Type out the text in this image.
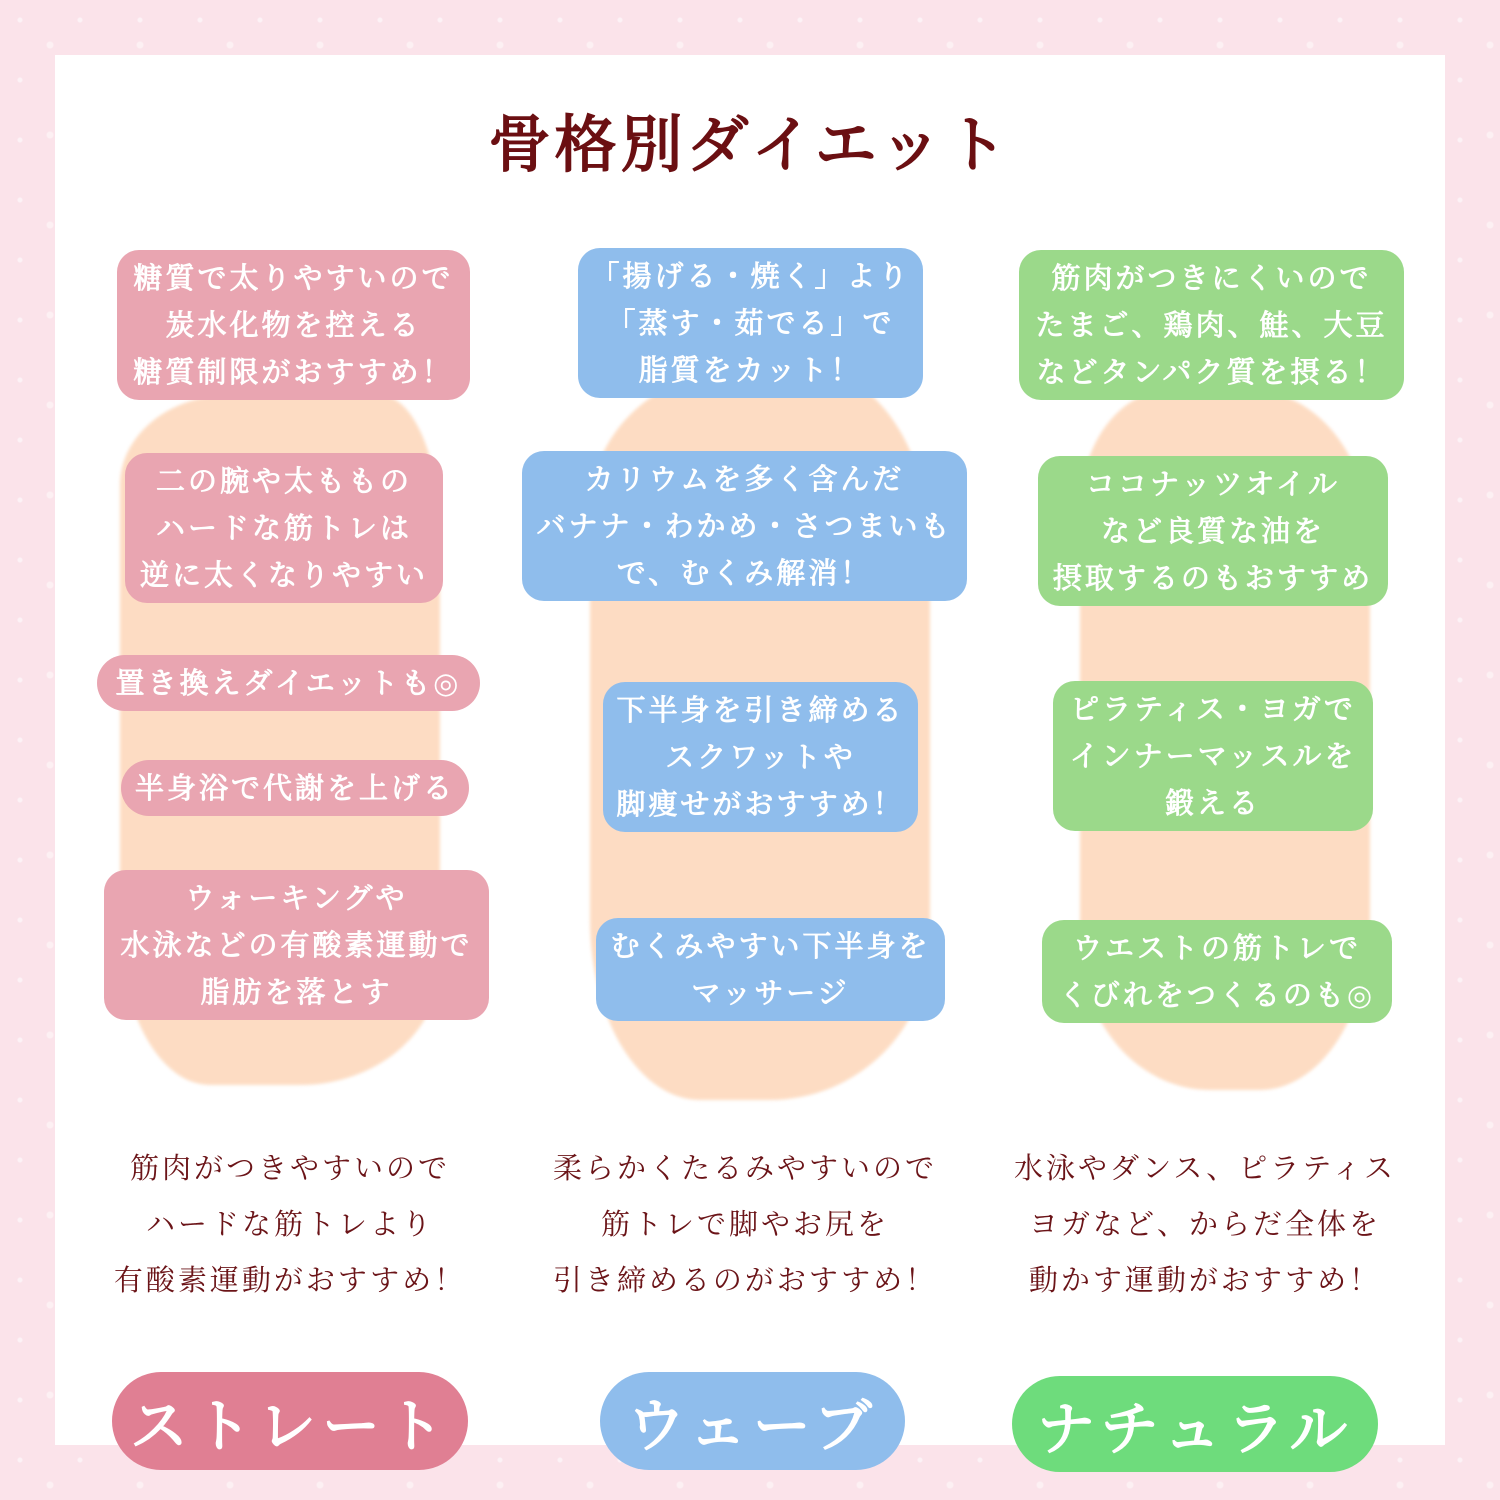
骨格別ダイエット
糖質で太りやすいので
炭水化物を控える
糖質制限がおすすめ！
二の腕や太ももの
ハードな筋トレは
逆に太くなりやすい
置き換えダイエットも◎
半身浴で代謝を上げる
ウォーキングや
水泳などの有酸素運動で
脂肪を落とす
「揚げる・焼く」より
「蒸す・茹でる」で
脂質をカット！
カリウムを多く含んだ
バナナ・わかめ・さつまいも
で、むくみ解消！
下半身を引き締める
スクワットや
脚痩せがおすすめ！
むくみやすい下半身を
マッサージ
筋肉がつきにくいので
たまご、鶏肉、鮭、大豆
などタンパク質を摂る！
ココナッツオイル
など良質な油を
摂取するのもおすすめ
ピラティス・ヨガで
インナーマッスルを
鍛える
ウエストの筋トレで
くびれをつくるのも◎
筋肉がつきやすいので
ハードな筋トレより
有酸素運動がおすすめ！
柔らかくたるみやすいので
筋トレで脚やお尻を
引き締めるのがおすすめ！
水泳やダンス、ピラティス
ヨガなど、からだ全体を
動かす運動がおすすめ！
ストレート	ウェーブ	ナチュラル
